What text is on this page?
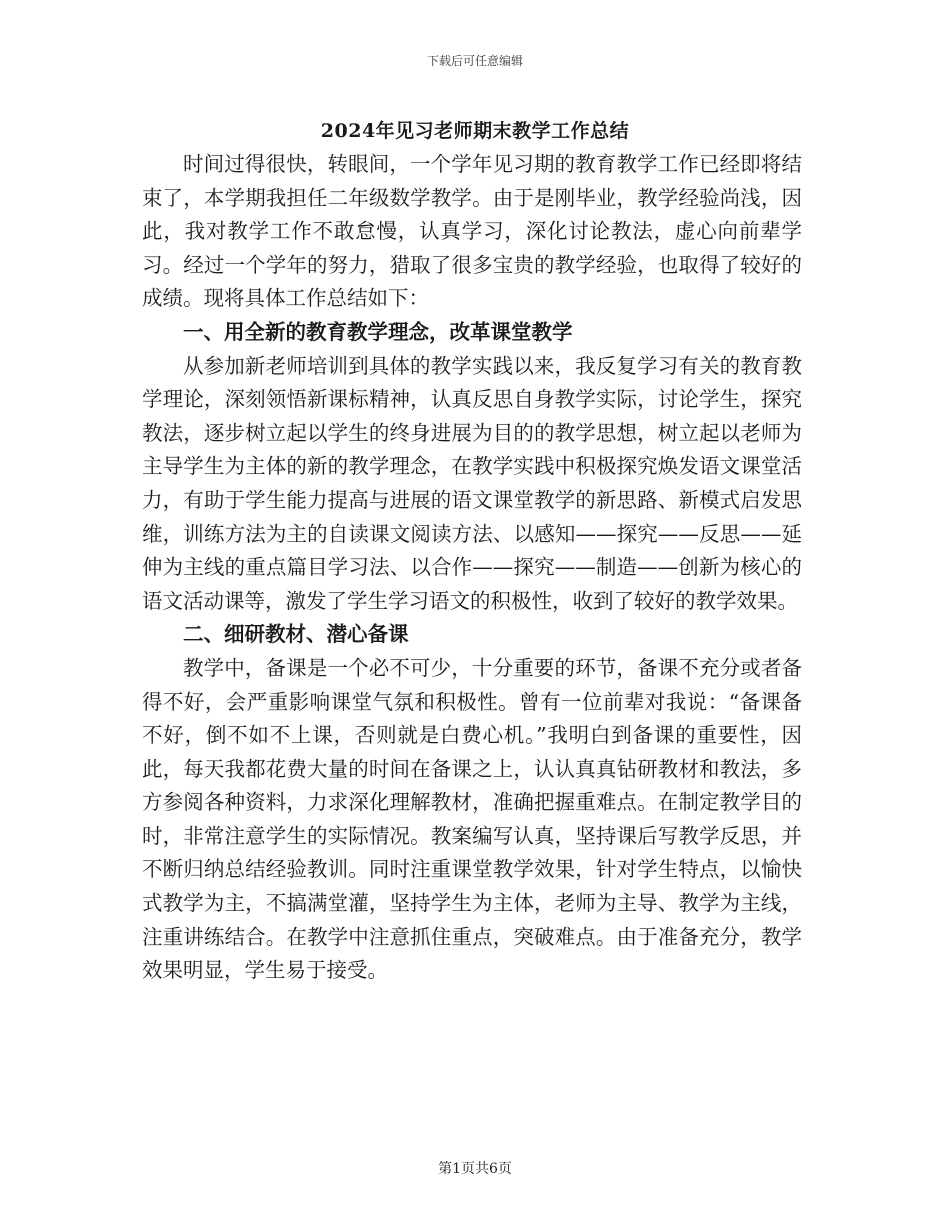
下载后可任意编辑
2024年见习老师期末教学工作总结

时间过得很快，转眼间，一个学年见习期的教育教学工作已经即将结束了，本学期我担任二年级数学教学。由于是刚毕业，教学经验尚浅，因此，我对教学工作不敢怠慢，认真学习，深化讨论教法，虚心向前辈学习。经过一个学年的努力，猎取了很多宝贵的教学经验，也取得了较好的成绩。现将具体工作总结如下：

一、用全新的教育教学理念，改革课堂教学

从参加新老师培训到具体的教学实践以来，我反复学习有关的教育教学理论，深刻领悟新课标精神，认真反思自身教学实际，讨论学生，探究教法，逐步树立起以学生的终身进展为目的的教学思想，树立起以老师为主导学生为主体的新的教学理念，在教学实践中积极探究焕发语文课堂活力，有助于学生能力提高与进展的语文课堂教学的新思路、新模式启发思维，训练方法为主的自读课文阅读方法、以感知——探究——反思——延伸为主线的重点篇目学习法、以合作——探究——制造——创新为核心的语文活动课等，激发了学生学习语文的积极性，收到了较好的教学效果。

二、细研教材、潜心备课

教学中，备课是一个必不可少，十分重要的环节，备课不充分或者备得不好，会严重影响课堂气氛和积极性。曾有一位前辈对我说：“备课备不好，倒不如不上课，否则就是白费心机。”我明白到备课的重要性，因此，每天我都花费大量的时间在备课之上，认认真真钻研教材和教法，多方参阅各种资料，力求深化理解教材，准确把握重难点。在制定教学目的时，非常注意学生的实际情况。教案编写认真，坚持课后写教学反思，并不断归纳总结经验教训。同时注重课堂教学效果，针对学生特点，以愉快式教学为主，不搞满堂灌，坚持学生为主体，老师为主导、教学为主线，注重讲练结合。在教学中注意抓住重点，突破难点。由于准备充分，教学效果明显，学生易于接受。

第1页共6页
